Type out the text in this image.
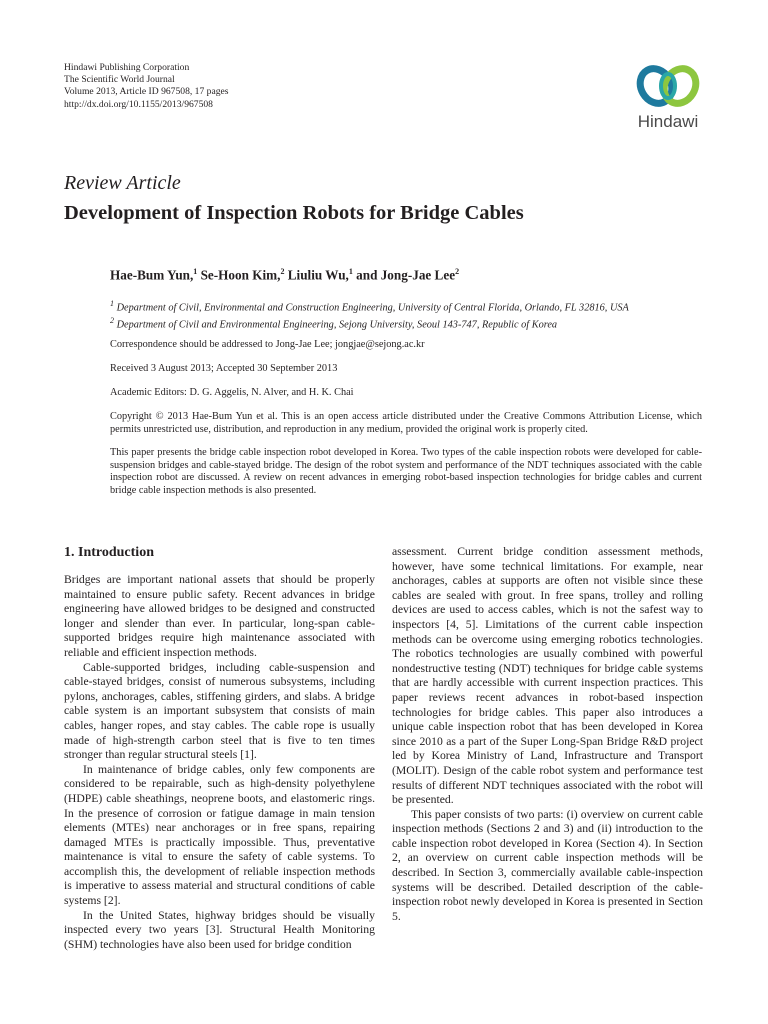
Hindawi Publishing Corporation
The Scientific World Journal
Volume 2013, Article ID 967508, 17 pages
http://dx.doi.org/10.1155/2013/967508
Hindawi
Review Article
Development of Inspection Robots for Bridge Cables
Hae-Bum Yun,$^1$ Se-Hoon Kim,$^2$ Liuliu Wu,$^1$ and Jong-Jae Lee$^2$
$^1$ Department of Civil, Environmental and Construction Engineering, University of Central Florida, Orlando, FL 32816, USA
$^2$ Department of Civil and Environmental Engineering, Sejong University, Seoul 143-747, Republic of Korea
Correspondence should be addressed to Jong-Jae Lee; jongjae@sejong.ac.kr
Received 3 August 2013; Accepted 30 September 2013
Academic Editors: D. G. Aggelis, N. Alver, and H. K. Chai
Copyright © 2013 Hae-Bum Yun et al. This is an open access article distributed under the Creative Commons Attribution License, which permits unrestricted use, distribution, and reproduction in any medium, provided the original work is properly cited.
This paper presents the bridge cable inspection robot developed in Korea. Two types of the cable inspection robots were developed for cable-suspension bridges and cable-stayed bridge. The design of the robot system and performance of the NDT techniques associated with the cable inspection robot are discussed. A review on recent advances in emerging robot-based inspection technologies for bridge cables and current bridge cable inspection methods is also presented.
1. Introduction
Bridges are important national assets that should be properly maintained to ensure public safety. Recent advances in bridge engineering have allowed bridges to be designed and constructed longer and slender than ever. In particular, long-span cable-supported bridges require high maintenance associated with reliable and efficient inspection methods.
Cable-supported bridges, including cable-suspension and cable-stayed bridges, consist of numerous subsystems, including pylons, anchorages, cables, stiffening girders, and slabs. A bridge cable system is an important subsystem that consists of main cables, hanger ropes, and stay cables. The cable rope is usually made of high-strength carbon steel that is five to ten times stronger than regular structural steels [1].
In maintenance of bridge cables, only few components are considered to be repairable, such as high-density polyethylene (HDPE) cable sheathings, neoprene boots, and elastomeric rings. In the presence of corrosion or fatigue damage in main tension elements (MTEs) near anchorages or in free spans, repairing damaged MTEs is practically impossible. Thus, preventative maintenance is vital to ensure the safety of cable systems. To accomplish this, the development of reliable inspection methods is imperative to assess material and structural conditions of cable systems [2].
In the United States, highway bridges should be visually inspected every two years [3]. Structural Health Monitoring (SHM) technologies have also been used for bridge condition
assessment. Current bridge condition assessment methods, however, have some technical limitations. For example, near anchorages, cables at supports are often not visible since these cables are sealed with grout. In free spans, trolley and rolling devices are used to access cables, which is not the safest way to inspectors [4, 5]. Limitations of the current cable inspection methods can be overcome using emerging robotics technologies. The robotics technologies are usually combined with powerful nondestructive testing (NDT) techniques for bridge cable systems that are hardly accessible with current inspection practices. This paper reviews recent advances in robot-based inspection technologies for bridge cables. This paper also introduces a unique cable inspection robot that has been developed in Korea since 2010 as a part of the Super Long-Span Bridge R&D project led by Korea Ministry of Land, Infrastructure and Transport (MOLIT). Design of the cable robot system and performance test results of different NDT techniques associated with the robot will be presented.
This paper consists of two parts: (i) overview on current cable inspection methods (Sections 2 and 3) and (ii) introduction to the cable inspection robot developed in Korea (Section 4). In Section 2, an overview on current cable inspection methods will be described. In Section 3, commercially available cable-inspection systems will be described. Detailed description of the cable-inspection robot newly developed in Korea is presented in Section 5.
